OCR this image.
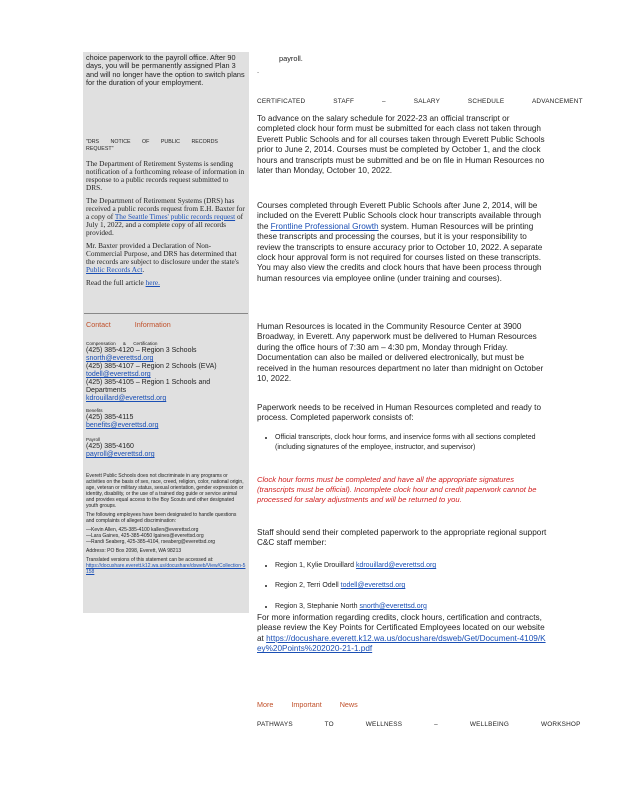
choice paperwork to the payroll office. After 90 days, you will be permanently assigned Plan 3 and will no longer have the option to switch plans for the duration of your employment.
"DRS NOTICE OF PUBLIC RECORDS REQUEST"

The Department of Retirement Systems is sending notification of a forthcoming release of information in response to a public records request submitted to DRS.

The Department of Retirement Systems (DRS) has received a public records request from E.H. Baxter for a copy of The Seattle Times' public records request of July 1, 2022, and a complete copy of all records provided.

Mr. Baxter provided a Declaration of Non-Commercial Purpose, and DRS has determined that the records are subject to disclosure under the state's Public Records Act.

Read the full article here.

Contact Information
Compensation & Certification
(425) 385-4120 – Region 3 Schools
snorth@everettsd.org
(425) 385-4107 – Region 2 Schools (EVA)
todell@everettsd.org
(425) 385-4105 – Region 1 Schools and Departments
kdrouillard@everettsd.org
Benefits
(425) 385-4115
benefits@everettsd.org
Payroll
(425) 385-4160
payroll@everettsd.org

Everett Public Schools does not discriminate in any programs or activities on the basis of sex, race, creed, religion, color, national origin, age, veteran or military status, sexual orientation, gender expression or identity, disability, or the use of a trained dog guide or service animal and provides equal access to the Boy Scouts and other designated youth groups.

The following employees have been designated to handle questions and complaints of alleged discrimination:

—Kevin Allen, 425-385-4100 kallen@everettsd.org

—Lara Gaines, 425-385-4050 lgaines@everettsd.org

—Randi Seaberg, 425-385-4104, rseaberg@everettsd.org

Address: PO Box 2098, Everett, WA 98213

Translated versions of this statement can be accessed at:

https://docushare.everett.k12.wa.us/docushare/dsweb/View/Collection-5158

payroll.
.
CERTIFICATED STAFF – SALARY SCHEDULE ADVANCEMENT
To advance on the salary schedule for 2022-23 an official transcript or completed clock hour form must be submitted for each class not taken through Everett Public Schools and for all courses taken through Everett Public Schools prior to June 2, 2014. Courses must be completed by October 1, and the clock hours and transcripts must be submitted and be on file in Human Resources no later than Monday, October 10, 2022.
Courses completed through Everett Public Schools after June 2, 2014, will be included on the Everett Public Schools clock hour transcripts available through the Frontline Professional Growth system. Human Resources will be printing these transcripts and processing the courses, but it is your responsibility to review the transcripts to ensure accuracy prior to October 10, 2022. A separate clock hour approval form is not required for courses listed on these transcripts. You may also view the credits and clock hours that have been process through human resources via employee online (under training and courses).
Human Resources is located in the Community Resource Center at 3900 Broadway, in Everett. Any paperwork must be delivered to Human Resources during the office hours of 7:30 am – 4:30 pm, Monday through Friday. Documentation can also be mailed or delivered electronically, but must be received in the human resources department no later than midnight on October 10, 2022.
Paperwork needs to be received in Human Resources completed and ready to process. Completed paperwork consists of:
• Official transcripts, clock hour forms, and inservice forms with all sections completed (including signatures of the employee, instructor, and supervisor)
Clock hour forms must be completed and have all the appropriate signatures (transcripts must be official). Incomplete clock hour and credit paperwork cannot be processed for salary adjustments and will be returned to you.
Staff should send their completed paperwork to the appropriate regional support C&C staff member:
• Region 1, Kylie Drouillard kdrouillard@everettsd.org
• Region 2, Terri Odell todell@everettsd.org
• Region 3, Stephanie North snorth@everettsd.org
For more information regarding credits, clock hours, certification and contracts, please review the Key Points for Certificated Employees located on our website at https://docushare.everett.k12.wa.us/docushare/dsweb/Get/Document-4109/Key%20Points%202020-21-1.pdf
More Important News
PATHWAYS TO WELLNESS – WELLBEING WORKSHOP
